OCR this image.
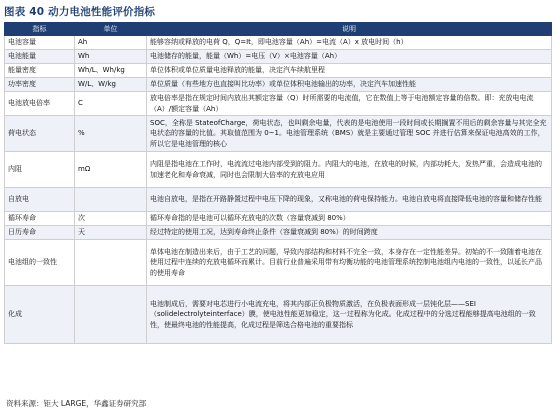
图表 40 动力电池性能评价指标
指标	单位	说明
电池容量	Ah	能够容纳或释放的电荷 Q，Q=It，即电池容量（Ah）=电流（A）x 放电时间（h）
电池能量	Wh	电池储存的能量，能量（Wh）=电压（V）×电池容量（Ah）
能量密度	Wh/L、Wh/kg	单位体积或单位质量电池释放的能量，决定汽车续航里程
功率密度	W/L、W/kg	单位质量（有些地方也直接叫比功率）或单位体积电池输出的功率，决定汽车加速性能
电池放电倍率	C	放电倍率是指在规定时间内放出其额定容量（Q）时所需要的电流值，它在数值上等于电池额定容量的倍数。即：充放电电流（A）/额定容量（Ah）
荷电状态	%	SOC，全称是 StateofCharge，荷电状态，也叫剩余电量，代表的是电池使用一段时间或长期搁置不用后的剩余容量与其完全充电状态的容量的比值。其取值范围为 0~1。电池管理系统（BMS）就是主要通过管理 SOC 并进行估算来保证电池高效的工作，所以它是电池管理的核心
内阻	mΩ	内阻是指电池在工作时，电流流过电池内部受到的阻力。内阻大的电池，在放电的时候，内部功耗大，发热严重，会造成电池的加速老化和寿命衰减，同时也会限制大倍率的充放电应用
自放电		电池自放电，是指在开路静置过程中电压下降的现象，又称电池的荷电保持能力。电池自放电将直接降低电池的容量和储存性能
循环寿命	次	循环寿命指的是电池可以循环充放电的次数（容量衰减到 80%）
日历寿命	天	经过特定的使用工况，达到寿命终止条件（容量衰减到 80%）的时间跨度
电池组的一致性		单体电池在制造出来后，由于工艺的问题，导致内部结构和材料不完全一致，本身存在一定性能差异。初始的不一致随着电池在使用过程中连续的充放电循环而累计。目前行业普遍采用带有均衡功能的电池管理系统控制电池组内电池的一致性，以延长产品的使用寿命
化成		电池制成后，需要对电芯进行小电流充电，将其内部正负极物质激活，在负极表面形成一层钝化层——SEI（solidelectrolyteinterface）膜，使电池性能更加稳定，这一过程称为化成。化成过程中的分选过程能够提高电池组的一致性，使最终电池的性能提高，化成过程是筛选合格电池的重要指标
资料来源：钜大 LARGE，华鑫证券研究部
